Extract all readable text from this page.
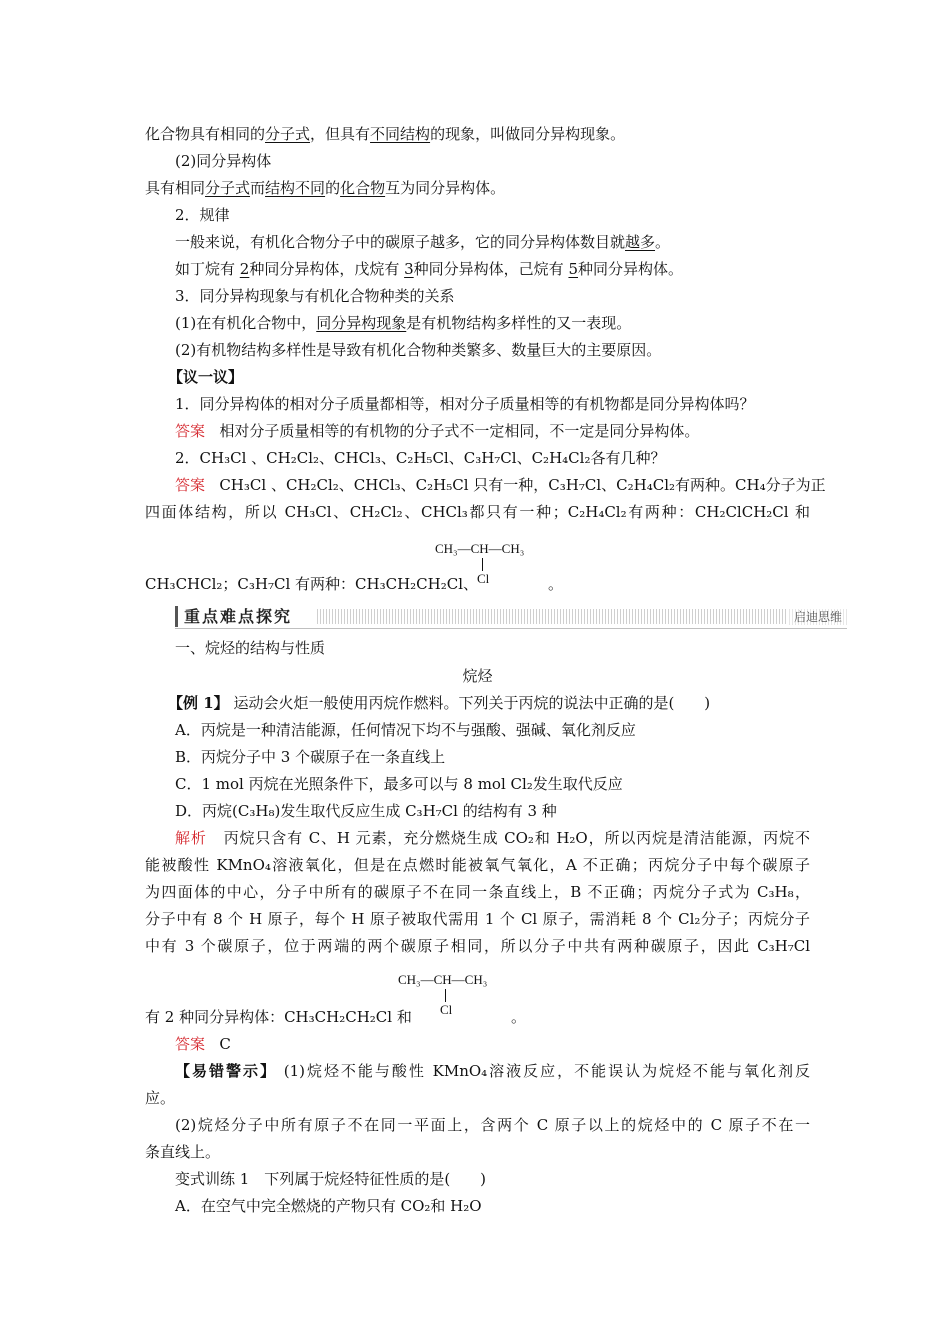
化合物具有相同的分子式，但具有不同结构的现象，叫做同分异构现象。
(2)同分异构体
具有相同分子式而结构不同的化合物互为同分异构体。
2．规律
一般来说，有机化合物分子中的碳原子越多，它的同分异构体数目就越多。
如丁烷有 2种同分异构体，戊烷有 3种同分异构体，己烷有 5种同分异构体。
3．同分异构现象与有机化合物种类的关系
(1)在有机化合物中，同分异构现象是有机物结构多样性的又一表现。
(2)有机物结构多样性是导致有机化合物种类繁多、数量巨大的主要原因。
【议一议】
1．同分异构体的相对分子质量都相等，相对分子质量相等的有机物都是同分异构体吗？
答案 相对分子质量相等的有机物的分子式不一定相同，不一定是同分异构体。
2．CH₃Cl 、CH₂Cl₂、CHCl₃、C₂H₅Cl、C₃H₇Cl、C₂H₄Cl₂各有几种？
答案 CH₃Cl 、CH₂Cl₂、CHCl₃、C₂H₅Cl 只有一种，C₃H₇Cl、C₂H₄Cl₂有两种。CH₄分子为正
四面体结构，所以 CH₃Cl、CH₂Cl₂、CHCl₃都只有一种；C₂H₄Cl₂有两种：CH₂ClCH₂Cl 和
CH₃—CH—CH₃
Cl
CH₃CHCl₂；C₃H₇Cl 有两种：CH₃CH₂CH₂Cl、	。
重点难点探究	启迪思维
一、烷烃的结构与性质
烷烃
【例 1】 运动会火炬一般使用丙烷作燃料。下列关于丙烷的说法中正确的是(　　)
A．丙烷是一种清洁能源，任何情况下均不与强酸、强碱、氧化剂反应
B．丙烷分子中 3 个碳原子在一条直线上
C．1 mol 丙烷在光照条件下，最多可以与 8 mol Cl₂发生取代反应
D．丙烷(C₃H₈)发生取代反应生成 C₃H₇Cl 的结构有 3 种
解析 丙烷只含有 C、H 元素，充分燃烧生成 CO₂和 H₂O，所以丙烷是清洁能源，丙烷不
能被酸性 KMnO₄溶液氧化，但是在点燃时能被氧气氧化，A 不正确；丙烷分子中每个碳原子
为四面体的中心，分子中所有的碳原子不在同一条直线上，B 不正确；丙烷分子式为 C₃H₈，
分子中有 8 个 H 原子，每个 H 原子被取代需用 1 个 Cl 原子，需消耗 8 个 Cl₂分子；丙烷分子
中有 3 个碳原子，位于两端的两个碳原子相同，所以分子中共有两种碳原子，因此 C₃H₇Cl
CH₃—CH—CH₃
Cl
有 2 种同分异构体：CH₃CH₂CH₂Cl 和	。
答案 C
【易错警示】 (1)烷烃不能与酸性 KMnO₄溶液反应，不能误认为烷烃不能与氧化剂反
应。
(2)烷烃分子中所有原子不在同一平面上，含两个 C 原子以上的烷烃中的 C 原子不在一
条直线上。
变式训练 1　下列属于烷烃特征性质的是(　　)
A．在空气中完全燃烧的产物只有 CO₂和 H₂O
